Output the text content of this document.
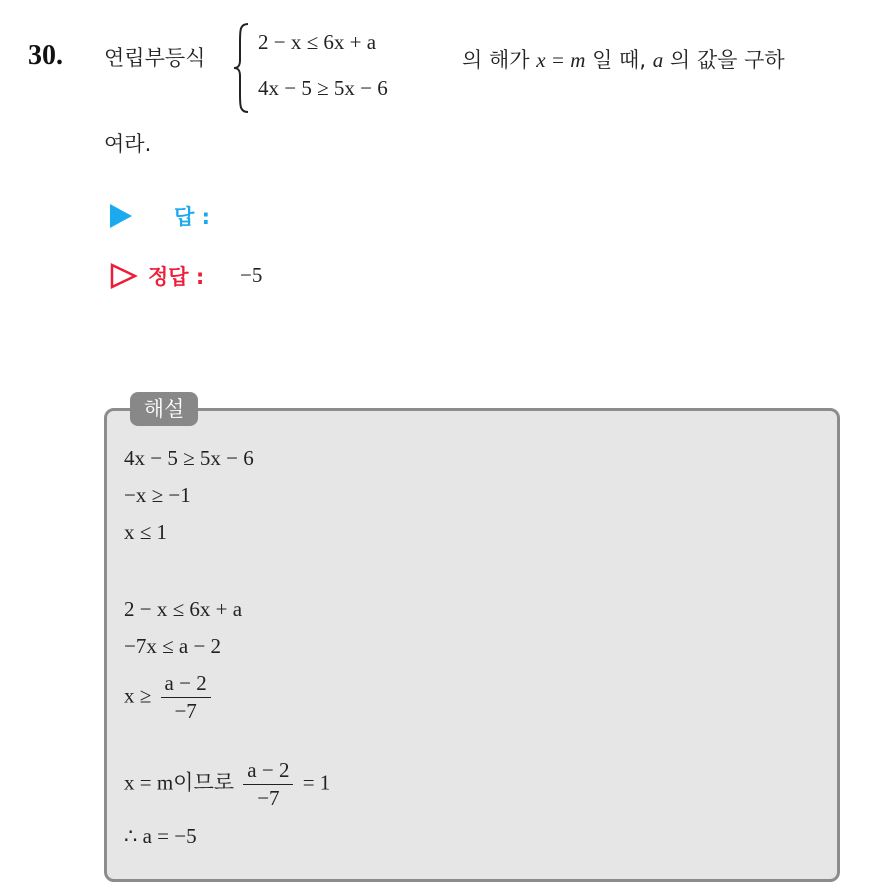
30. 연립부등식
2 − x ≤ 6x + a
4x − 5 ≥ 5x − 6
의 해가 x = m 일 때, a 의 값을 구하
여라.
답 :
정답 : −5
해설
4x − 5 ≥ 5x − 6
−x ≥ −1
x ≤ 1
2 − x ≤ 6x + a
−7x ≤ a − 2
$x \ge \frac{a - 2}{-7}$
x = m이므로 $\frac{a - 2}{-7} = 1$
∴ a = −5
